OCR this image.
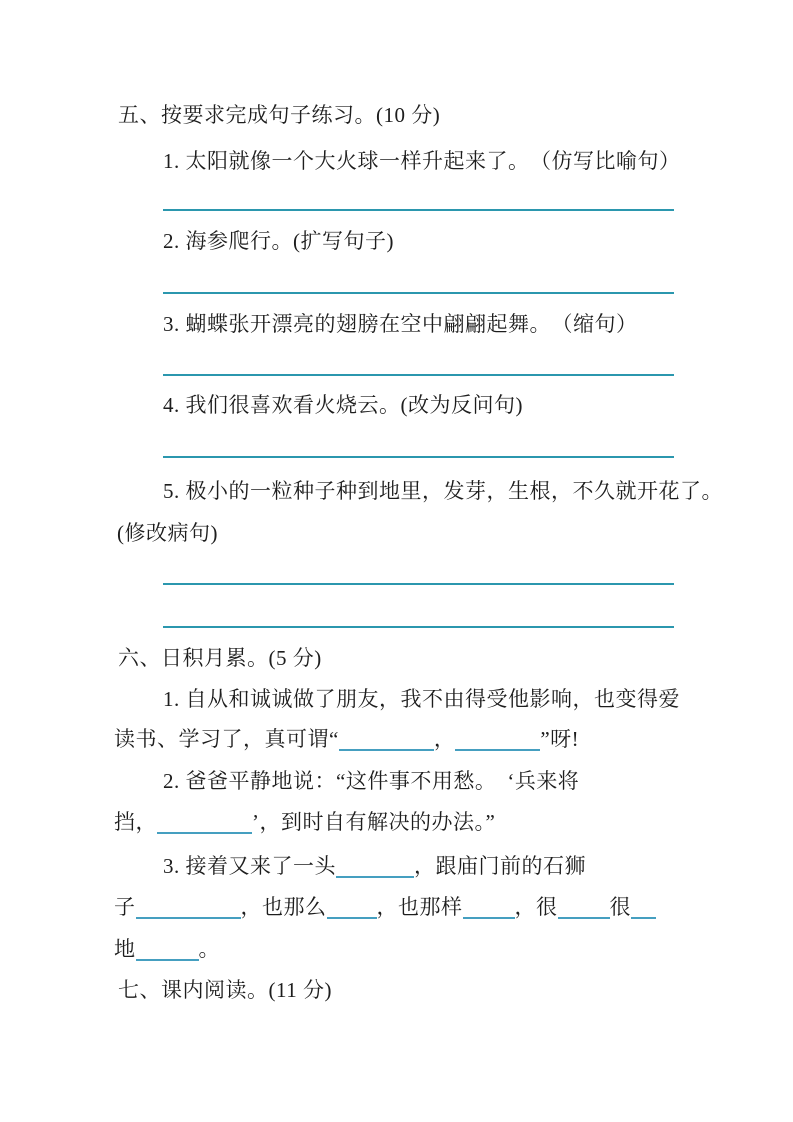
五、按要求完成句子练习。(10 分)
1. 太阳就像一个大火球一样升起来了。　（仿写比喻句）
2. 海参爬行。(扩写句子)
3. 蝴蝶张开漂亮的翅膀在空中翩翩起舞。　（缩句）
4. 我们很喜欢看火烧云。(改为反问句)
5. 极小的一粒种子种到地里，发芽，生根，不久就开花了。
(修改病句)
六、日积月累。(5 分)
1. 自从和诚诚做了朋友，我不由得受他影响，也变得爱
读书、学习了，真可谓“	，	”呀!
2. 爸爸平静地说：“这件事不用愁。　‘兵来将
挡，	’，到时自有解决的办法。”
3. 接着又来了一头	，跟庙门前的石狮
子	，也那么 ，也那样 ，很 很
地	。
七、课内阅读。(11 分)
